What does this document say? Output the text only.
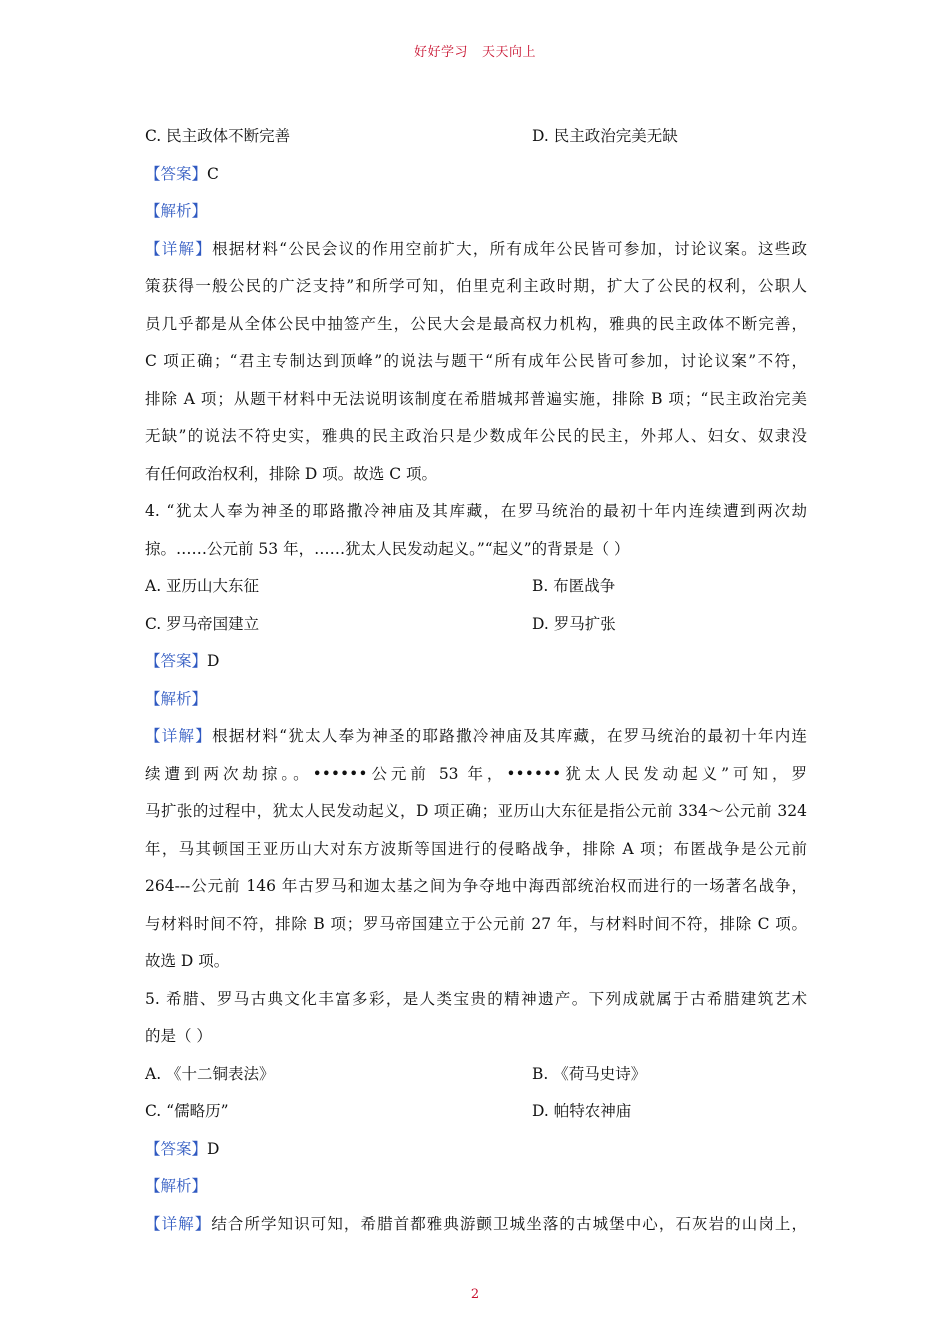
好好学习   天天向上
C. 民主政体不断完善	D. 民主政治完美无缺
【答案】C
【解析】
【详解】根据材料“公民会议的作用空前扩大，所有成年公民皆可参加，讨论议案。这些政
策获得一般公民的广泛支持”和所学可知，伯里克利主政时期，扩大了公民的权利，公职人
员几乎都是从全体公民中抽签产生，公民大会是最高权力机构，雅典的民主政体不断完善，
C 项正确；“君主专制达到顶峰”的说法与题干“所有成年公民皆可参加，讨论议案”不符，
排除 A 项；从题干材料中无法说明该制度在希腊城邦普遍实施，排除 B 项；“民主政治完美
无缺”的说法不符史实，雅典的民主政治只是少数成年公民的民主，外邦人、妇女、奴隶没
有任何政治权利，排除 D 项。故选 C 项。
4. “犹太人奉为神圣的耶路撒冷神庙及其库藏，在罗马统治的最初十年内连续遭到两次劫
掠。……公元前 53 年，……犹太人民发动起义。”“起义”的背景是（ ）
A. 亚历山大东征	B. 布匿战争
C. 罗马帝国建立	D. 罗马扩张
【答案】D
【解析】
【详解】根据材料“犹太人奉为神圣的耶路撒冷神庙及其库藏，在罗马统治的最初十年内连
续遭到两次劫掠。。••••••公元前 53 年，••••••犹太人民发动起义”可知，罗
马扩张的过程中，犹太人民发动起义，D 项正确；亚历山大东征是指公元前 334～公元前 324
年，马其顿国王亚历山大对东方波斯等国进行的侵略战争，排除 A 项；布匿战争是公元前
264---公元前 146 年古罗马和迦太基之间为争夺地中海西部统治权而进行的一场著名战争，
与材料时间不符，排除 B 项；罗马帝国建立于公元前 27 年，与材料时间不符，排除 C 项。
故选 D 项。
5. 希腊、罗马古典文化丰富多彩，是人类宝贵的精神遗产。下列成就属于古希腊建筑艺术
的是（ ）
A. 《十二铜表法》	B. 《荷马史诗》
C. “儒略历”	D. 帕特农神庙
【答案】D
【解析】
【详解】结合所学知识可知，希腊首都雅典游颤卫城坐落的古城堡中心，石灰岩的山岗上，
2
